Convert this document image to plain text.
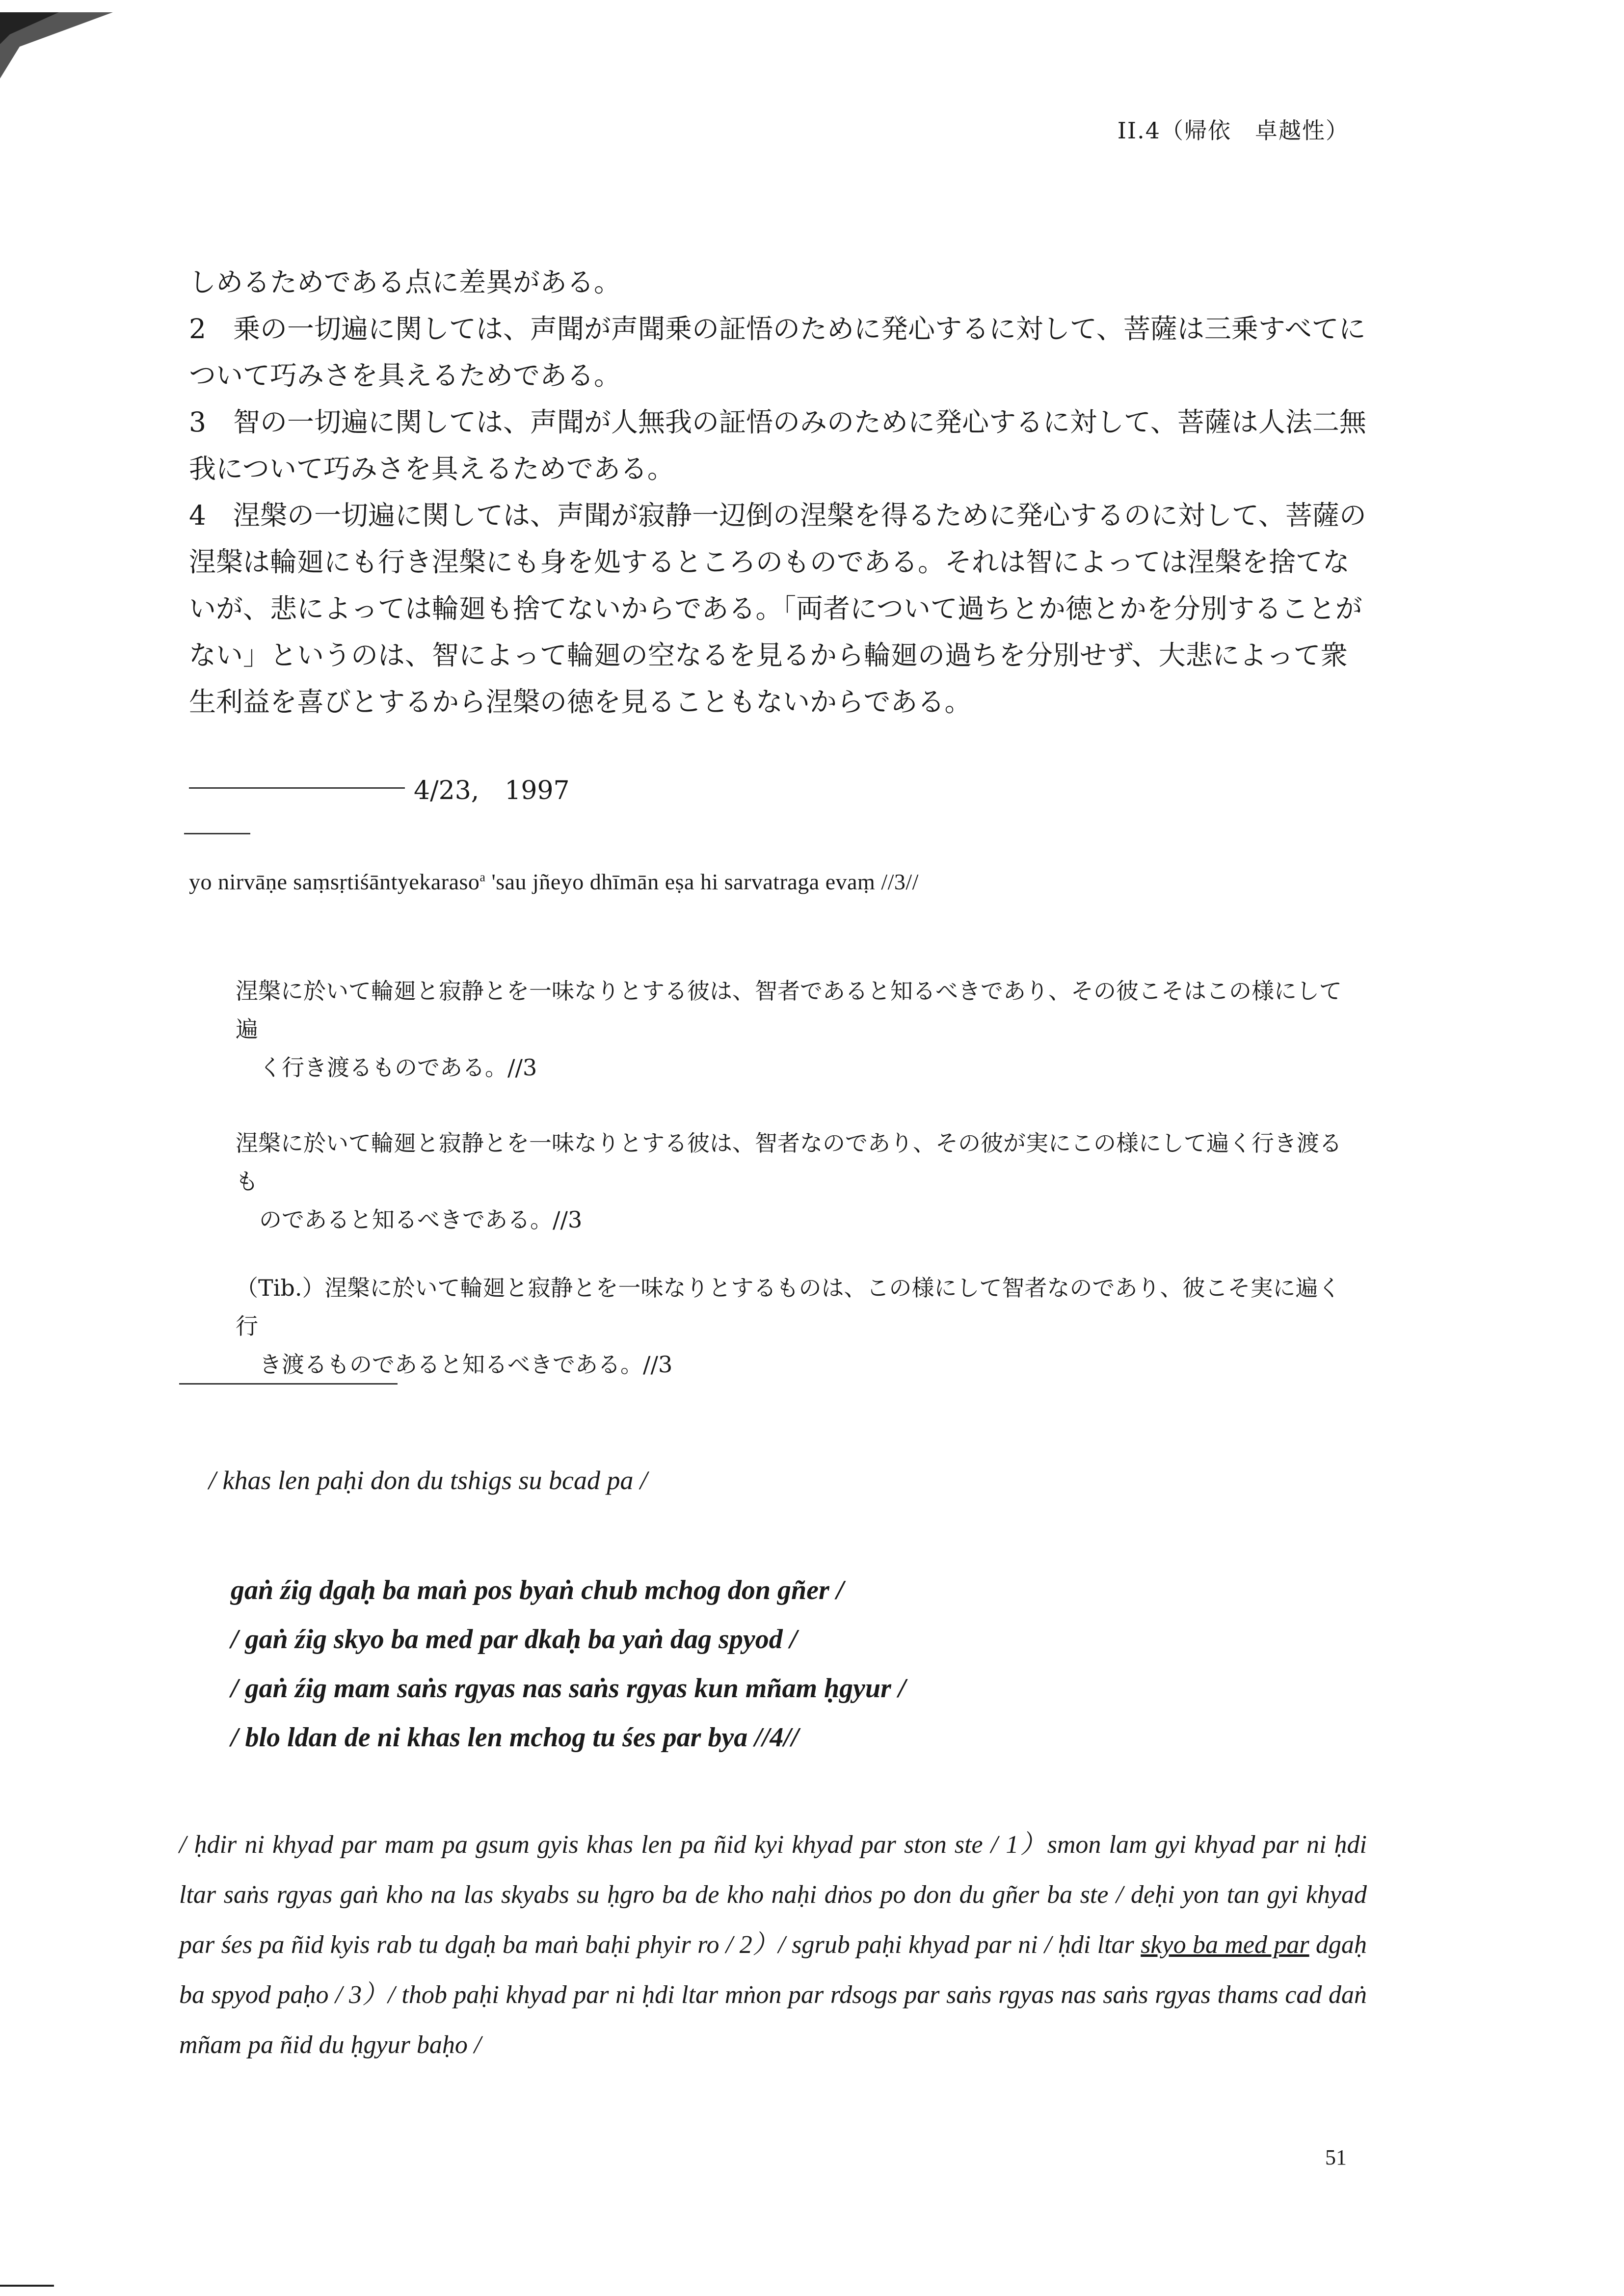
II.4（帰依　卓越性）

しめるためである点に差異がある。

2　乗の一切遍に関しては、声聞が声聞乗の証悟のために発心するに対して、菩薩は三乗すべてについて巧みさを具えるためである。

3　智の一切遍に関しては、声聞が人無我の証悟のみのために発心するに対して、菩薩は人法二無我について巧みさを具えるためである。

4　涅槃の一切遍に関しては、声聞が寂静一辺倒の涅槃を得るために発心するのに対して、菩薩の涅槃は輪廻にも行き涅槃にも身を処するところのものである。それは智によっては涅槃を捨てないが、悲によっては輪廻も捨てないからである。「両者について過ちとか徳とかを分別することがない」というのは、智によって輪廻の空なるを見るから輪廻の過ちを分別せず、大悲によって衆生利益を喜びとするから涅槃の徳を見ることもないからである。

4/23,　1997
yo nirvāṇe saṃsṛtiśāntyekaraso$^a$ 'sau jñeyo dhīmān eṣa hi sarvatraga evaṃ //3//
涅槃に於いて輪廻と寂静とを一味なりとする彼は、智者であると知るべきであり、その彼こそはこの様にして遍
く行き渡るものである。//3
涅槃に於いて輪廻と寂静とを一味なりとする彼は、智者なのであり、その彼が実にこの様にして遍く行き渡るも
のであると知るべきである。//3
（Tib.）涅槃に於いて輪廻と寂静とを一味なりとするものは、この様にして智者なのであり、彼こそ実に遍く行
き渡るものであると知るべきである。//3
/ khas len paḥi don du tshigs su bcad pa /
gaṅ źig dgaḥ ba maṅ pos byaṅ chub mchog don gñer /
/ gaṅ źig skyo ba med par dkaḥ ba yaṅ dag spyod /
/ gaṅ źig mam saṅs rgyas nas saṅs rgyas kun mñam ḥgyur /
/ blo ldan de ni khas len mchog tu śes par bya //4//
/ ḥdir ni khyad par mam pa gsum gyis khas len pa ñid kyi khyad par ston ste / 1）smon lam gyi khyad par ni ḥdi ltar saṅs rgyas gaṅ kho na las skyabs su ḥgro ba de kho naḥi dṅos po don du gñer ba ste / deḥi yon tan gyi khyad par śes pa ñid kyis rab tu dgaḥ ba maṅ baḥi phyir ro / 2）/ sgrub paḥi khyad par ni / ḥdi ltar skyo ba med par dgaḥ ba spyod paḥo / 3）/ thob paḥi khyad par ni ḥdi ltar mṅon par rdsogs par saṅs rgyas nas saṅs rgyas thams cad daṅ mñam pa ñid du ḥgyur baḥo /
51
